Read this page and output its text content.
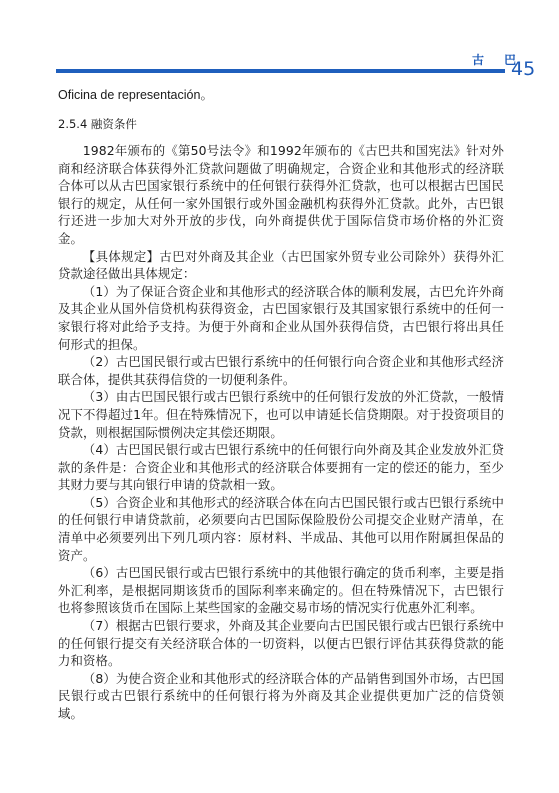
古 巴
45

Oficina de representación。

2.5.4 融资条件

1982年颁布的《第50号法令》和1992年颁布的《古巴共和国宪法》针对外商和经济联合体获得外汇贷款问题做了明确规定，合资企业和其他形式的经济联合体可以从古巴国家银行系统中的任何银行获得外汇贷款，也可以根据古巴国民银行的规定，从任何一家外国银行或外国金融机构获得外汇贷款。此外，古巴银行还进一步加大对外开放的步伐，向外商提供优于国际信贷市场价格的外汇资金。

【具体规定】古巴对外商及其企业（古巴国家外贸专业公司除外）获得外汇贷款途径做出具体规定：

（1）为了保证合资企业和其他形式的经济联合体的顺利发展，古巴允许外商及其企业从国外信贷机构获得资金，古巴国家银行及其国家银行系统中的任何一家银行将对此给予支持。为便于外商和企业从国外获得信贷，古巴银行将出具任何形式的担保。

（2）古巴国民银行或古巴银行系统中的任何银行向合资企业和其他形式经济联合体，提供其获得信贷的一切便利条件。

（3）由古巴国民银行或古巴银行系统中的任何银行发放的外汇贷款，一般情况下不得超过1年。但在特殊情况下，也可以申请延长信贷期限。对于投资项目的贷款，则根据国际惯例决定其偿还期限。

（4）古巴国民银行或古巴银行系统中的任何银行向外商及其企业发放外汇贷款的条件是：合资企业和其他形式的经济联合体要拥有一定的偿还的能力，至少其财力要与其向银行申请的贷款相一致。

（5）合资企业和其他形式的经济联合体在向古巴国民银行或古巴银行系统中的任何银行申请贷款前，必须要向古巴国际保险股份公司提交企业财产清单，在清单中必须要列出下列几项内容：原材料、半成品、其他可以用作附属担保品的资产。

（6）古巴国民银行或古巴银行系统中的其他银行确定的货币利率，主要是指外汇利率，是根据同期该货币的国际利率来确定的。但在特殊情况下，古巴银行也将参照该货币在国际上某些国家的金融交易市场的情况实行优惠外汇利率。

（7）根据古巴银行要求，外商及其企业要向古巴国民银行或古巴银行系统中的任何银行提交有关经济联合体的一切资料，以便古巴银行评估其获得贷款的能力和资格。

（8）为使合资企业和其他形式的经济联合体的产品销售到国外市场，古巴国民银行或古巴银行系统中的任何银行将为外商及其企业提供更加广泛的信贷领域。
